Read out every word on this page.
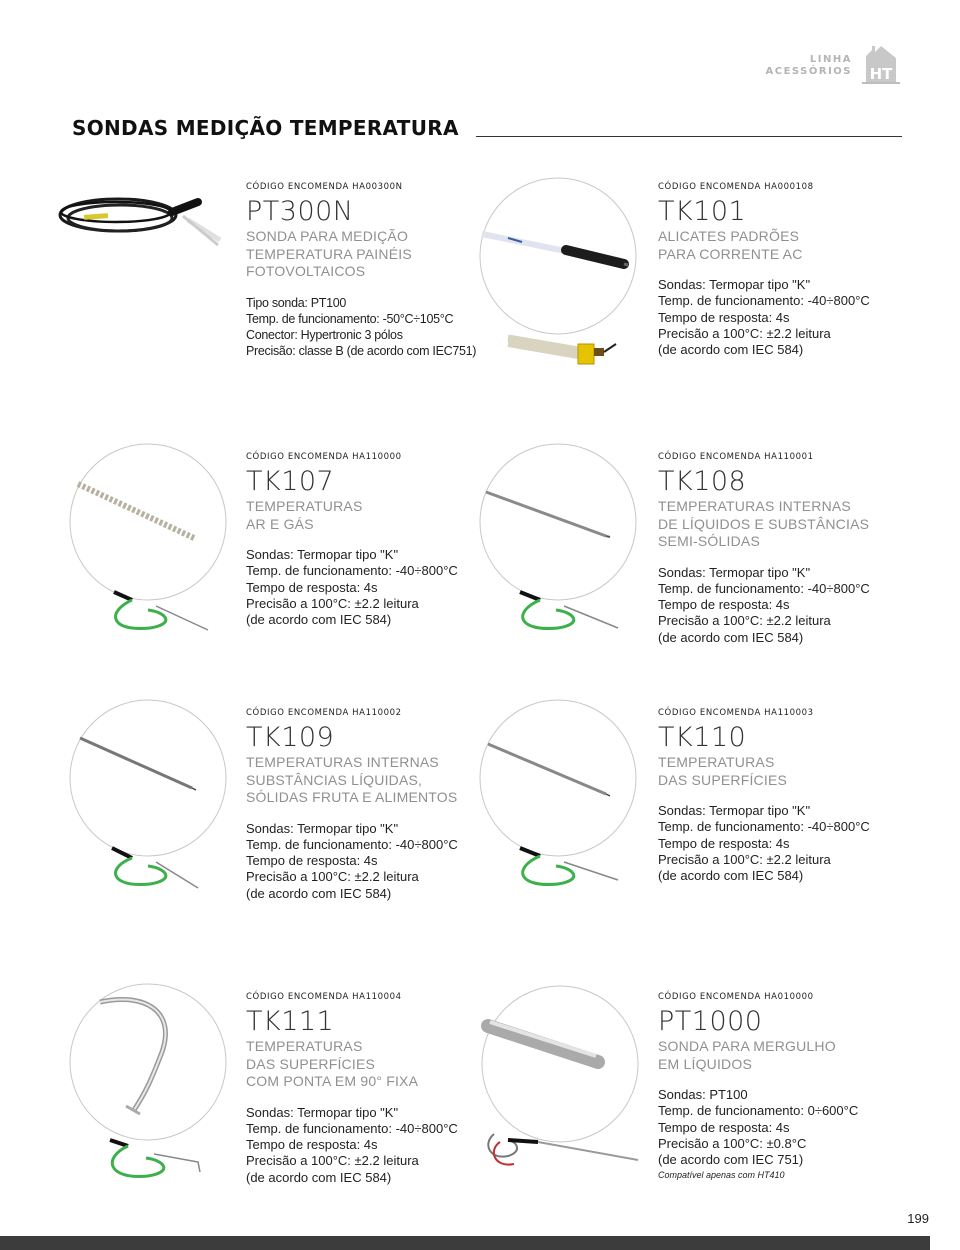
LINHA
ACESSÓRIOS HT
SONDAS MEDIÇÃO TEMPERATURA
CÓDIGO ENCOMENDA HA00300N
PT300N
SONDA PARA MEDIÇÃO
TEMPERATURA PAINÉIS
FOTOVOLTAICOS
Tipo sonda: PT100
Temp. de funcionamento: -50°C÷105°C
Conector: Hypertronic 3 pólos
Precisão: classe B (de acordo com IEC751)
CÓDIGO ENCOMENDA HA000108
TK101
ALICATES PADRÕES
PARA CORRENTE AC
Sondas: Termopar tipo "K"
Temp. de funcionamento: -40÷800°C
Tempo de resposta: 4s
Precisão a 100°C: ±2.2 leitura
(de acordo com IEC 584)
CÓDIGO ENCOMENDA HA110000
TK107
TEMPERATURAS
AR E GÁS
Sondas: Termopar tipo "K"
Temp. de funcionamento: -40÷800°C
Tempo de resposta: 4s
Precisão a 100°C: ±2.2 leitura
(de acordo com IEC 584)
CÓDIGO ENCOMENDA HA110001
TK108
TEMPERATURAS INTERNAS
DE LÍQUIDOS E SUBSTÂNCIAS
SEMI-SÓLIDAS
Sondas: Termopar tipo "K"
Temp. de funcionamento: -40÷800°C
Tempo de resposta: 4s
Precisão a 100°C: ±2.2 leitura
(de acordo com IEC 584)
CÓDIGO ENCOMENDA HA110002
TK109
TEMPERATURAS INTERNAS
SUBSTÂNCIAS LÍQUIDAS,
SÓLIDAS FRUTA E ALIMENTOS
Sondas: Termopar tipo "K"
Temp. de funcionamento: -40÷800°C
Tempo de resposta: 4s
Precisão a 100°C: ±2.2 leitura
(de acordo com IEC 584)
CÓDIGO ENCOMENDA HA110003
TK110
TEMPERATURAS
DAS SUPERFÍCIES
Sondas: Termopar tipo "K"
Temp. de funcionamento: -40÷800°C
Tempo de resposta: 4s
Precisão a 100°C: ±2.2 leitura
(de acordo com IEC 584)
CÓDIGO ENCOMENDA HA110004
TK111
TEMPERATURAS
DAS SUPERFÍCIES
COM PONTA EM 90° FIXA
Sondas: Termopar tipo "K"
Temp. de funcionamento: -40÷800°C
Tempo de resposta: 4s
Precisão a 100°C: ±2.2 leitura
(de acordo com IEC 584)
CÓDIGO ENCOMENDA HA010000
PT1000
SONDA PARA MERGULHO
EM LÍQUIDOS
Sondas: PT100
Temp. de funcionamento: 0÷600°C
Tempo de resposta: 4s
Precisão a 100°C: ±0.8°C
(de acordo com IEC 751)
Compatível apenas com HT410
199
